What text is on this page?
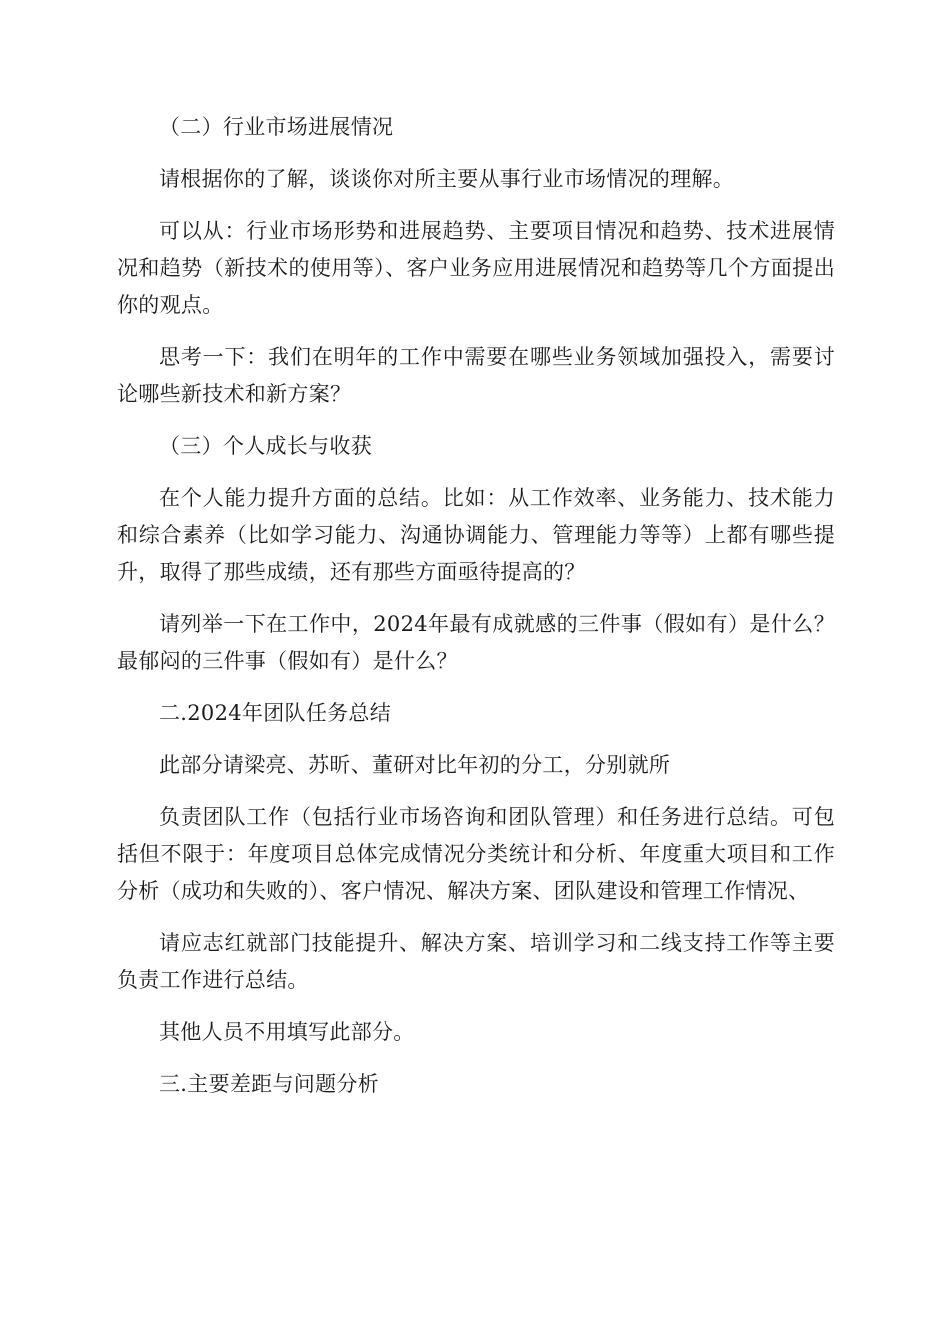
（二）行业市场进展情况

请根据你的了解，谈谈你对所主要从事行业市场情况的理解。

可以从：行业市场形势和进展趋势、主要项目情况和趋势、技术进展情况和趋势（新技术的使用等）、客户业务应用进展情况和趋势等几个方面提出你的观点。

思考一下：我们在明年的工作中需要在哪些业务领域加强投入，需要讨论哪些新技术和新方案？

（三）个人成长与收获

在个人能力提升方面的总结。比如：从工作效率、业务能力、技术能力和综合素养（比如学习能力、沟通协调能力、管理能力等等）上都有哪些提升，取得了那些成绩，还有那些方面亟待提高的？

请列举一下在工作中，2024年最有成就感的三件事（假如有）是什么？最郁闷的三件事（假如有）是什么？

二.2024年团队任务总结

此部分请梁亮、苏昕、董研对比年初的分工，分别就所

负责团队工作（包括行业市场咨询和团队管理）和任务进行总结。可包括但不限于：年度项目总体完成情况分类统计和分析、年度重大项目和工作分析（成功和失败的）、客户情况、解决方案、团队建设和管理工作情况、

请应志红就部门技能提升、解决方案、培训学习和二线支持工作等主要负责工作进行总结。

其他人员不用填写此部分。

三.主要差距与问题分析
